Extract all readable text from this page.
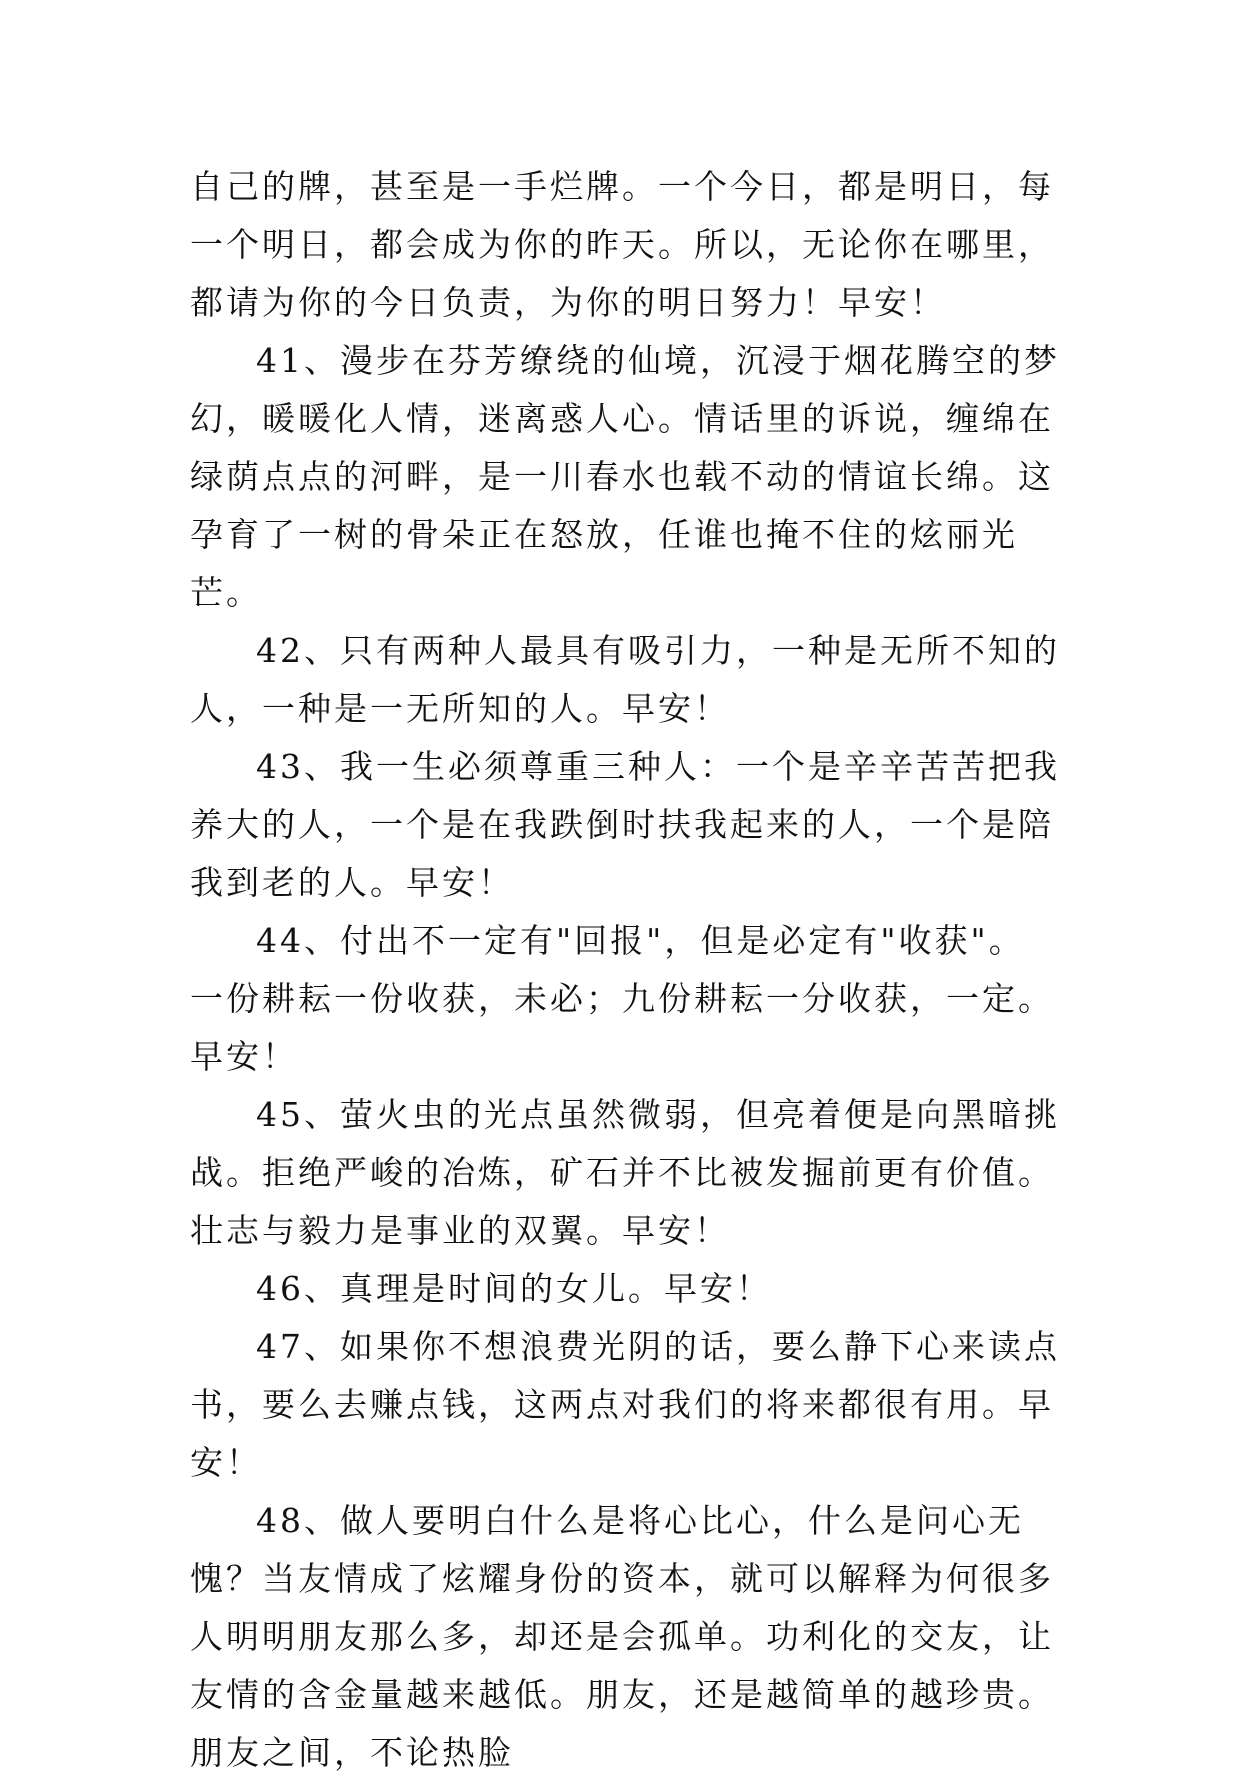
自己的牌，甚至是一手烂牌。一个今日，都是明日，每一个明日，都会成为你的昨天。所以，无论你在哪里，都请为你的今日负责，为你的明日努力！早安！

41、漫步在芬芳缭绕的仙境，沉浸于烟花腾空的梦幻，暖暖化人情，迷离惑人心。情话里的诉说，缠绵在绿荫点点的河畔，是一川春水也载不动的情谊长绵。这孕育了一树的骨朵正在怒放，任谁也掩不住的炫丽光芒。

42、只有两种人最具有吸引力，一种是无所不知的人，一种是一无所知的人。早安！

43、我一生必须尊重三种人：一个是辛辛苦苦把我养大的人，一个是在我跌倒时扶我起来的人，一个是陪我到老的人。早安！

44、付出不一定有"回报"，但是必定有"收获"。一份耕耘一份收获，未必；九份耕耘一分收获，一定。早安！

45、萤火虫的光点虽然微弱，但亮着便是向黑暗挑战。拒绝严峻的冶炼，矿石并不比被发掘前更有价值。壮志与毅力是事业的双翼。早安！

46、真理是时间的女儿。早安！

47、如果你不想浪费光阴的话，要么静下心来读点书，要么去赚点钱，这两点对我们的将来都很有用。早安！

48、做人要明白什么是将心比心，什么是问心无愧？当友情成了炫耀身份的资本，就可以解释为何很多人明明朋友那么多，却还是会孤单。功利化的交友，让友情的含金量越来越低。朋友，还是越简单的越珍贵。朋友之间，不论热脸
